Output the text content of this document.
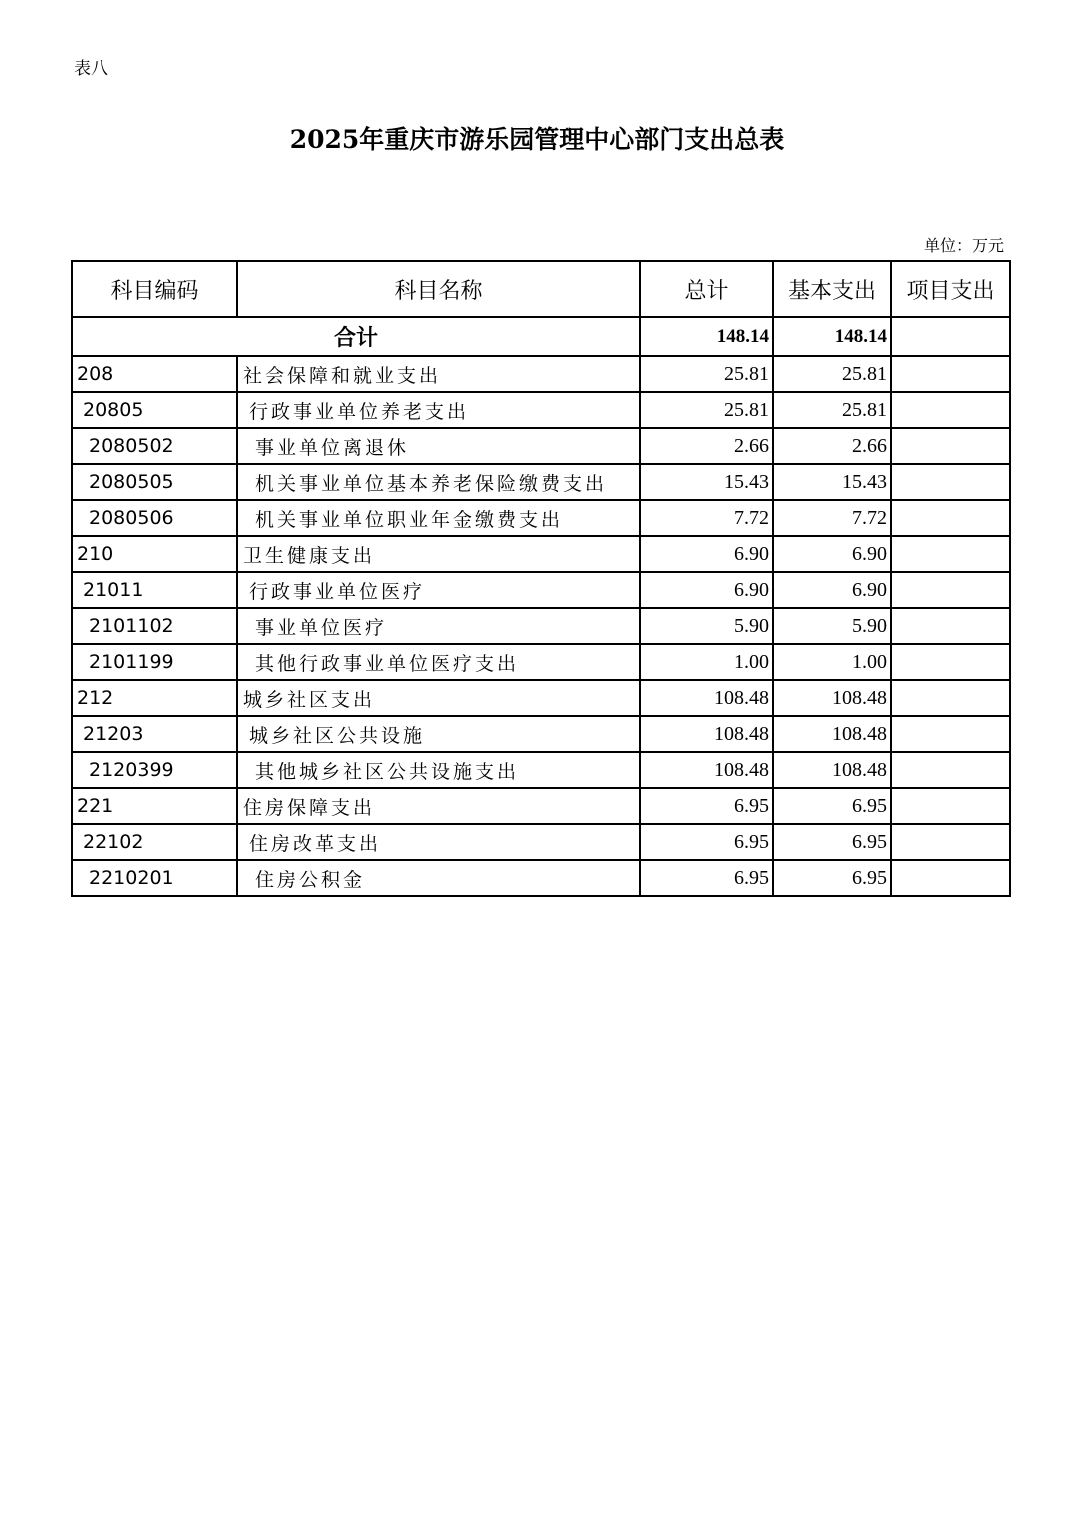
表八
2025年重庆市游乐园管理中心部门支出总表
单位：万元
科目编码	科目名称	总计	基本支出	项目支出
合计		148.14	148.14	
208	社会保障和就业支出	25.81	25.81	
20805	行政事业单位养老支出	25.81	25.81	
2080502	事业单位离退休	2.66	2.66	
2080505	机关事业单位基本养老保险缴费支出	15.43	15.43	
2080506	机关事业单位职业年金缴费支出	7.72	7.72	
210	卫生健康支出	6.90	6.90	
21011	行政事业单位医疗	6.90	6.90	
2101102	事业单位医疗	5.90	5.90	
2101199	其他行政事业单位医疗支出	1.00	1.00	
212	城乡社区支出	108.48	108.48	
21203	城乡社区公共设施	108.48	108.48	
2120399	其他城乡社区公共设施支出	108.48	108.48	
221	住房保障支出	6.95	6.95	
22102	住房改革支出	6.95	6.95	
2210201	住房公积金	6.95	6.95	
